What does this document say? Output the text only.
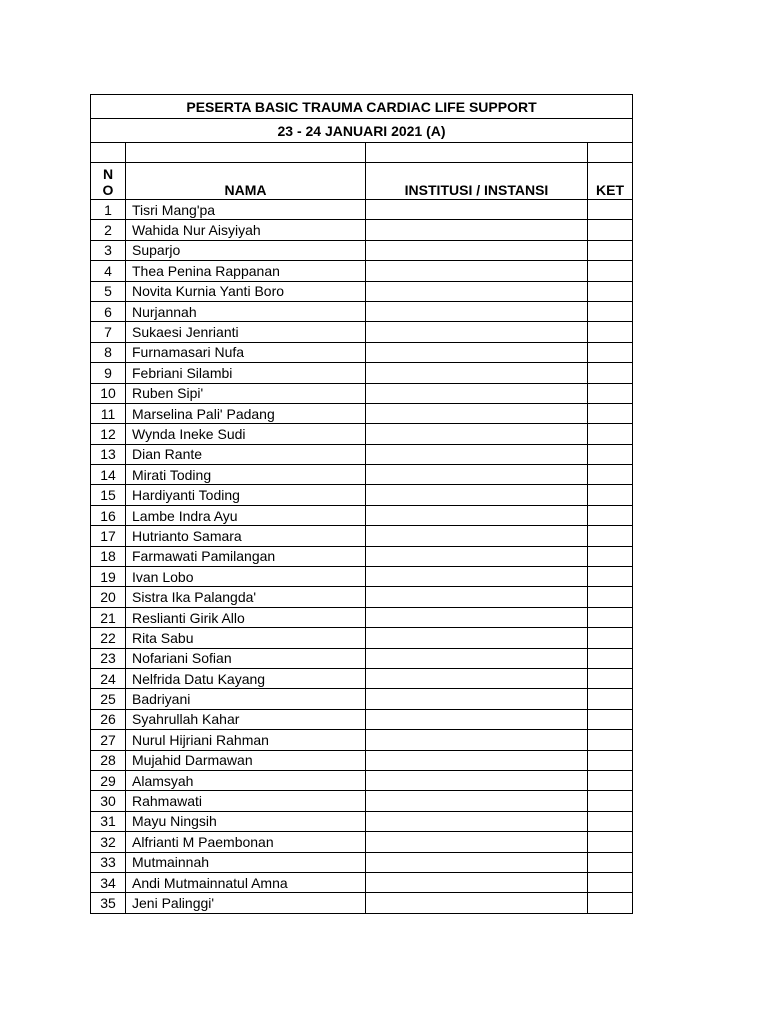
PESERTA BASIC TRAUMA CARDIAC LIFE SUPPORT			
23 - 24 JANUARI 2021 (A)			

N
O	NAMA	INSTITUSI / INSTANSI	KET
1	Tisri Mang'pa		
2	Wahida Nur Aisyiyah		
3	Suparjo		
4	Thea Penina Rappanan		
5	Novita Kurnia Yanti Boro		
6	Nurjannah		
7	Sukaesi Jenrianti		
8	Furnamasari Nufa		
9	Febriani Silambi		
10	Ruben Sipi'		
11	Marselina Pali' Padang		
12	Wynda Ineke Sudi		
13	Dian Rante		
14	Mirati Toding		
15	Hardiyanti Toding		
16	Lambe Indra Ayu		
17	Hutrianto Samara		
18	Farmawati Pamilangan		
19	Ivan Lobo		
20	Sistra Ika Palangda'		
21	Reslianti Girik Allo		
22	Rita Sabu		
23	Nofariani Sofian		
24	Nelfrida Datu Kayang		
25	Badriyani		
26	Syahrullah Kahar		
27	Nurul Hijriani Rahman		
28	Mujahid Darmawan		
29	Alamsyah		
30	Rahmawati		
31	Mayu Ningsih		
32	Alfrianti M Paembonan		
33	Mutmainnah		
34	Andi Mutmainnatul Amna		
35	Jeni Palinggi'		
